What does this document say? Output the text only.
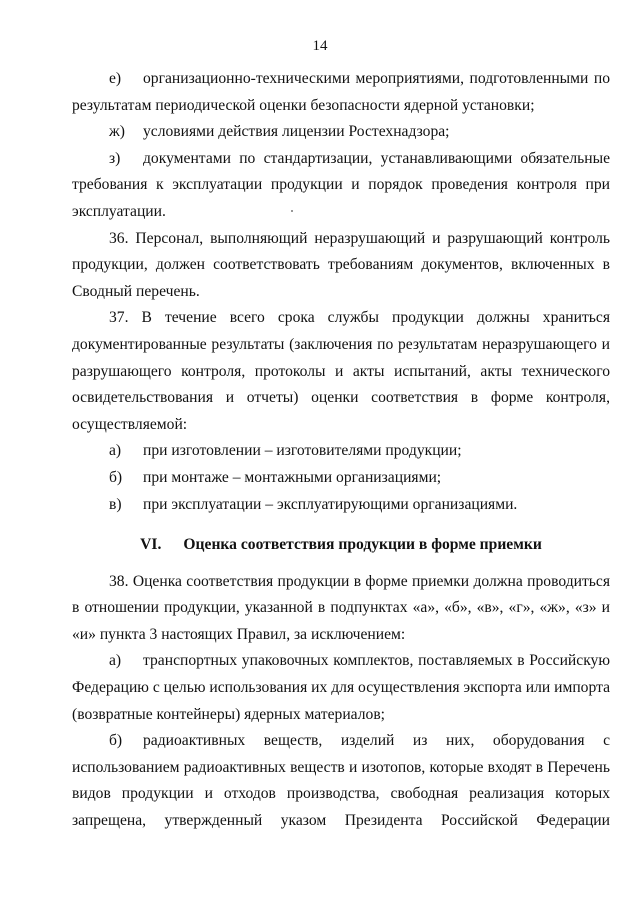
14

е) организационно-техническими мероприятиями, подготовленными по результатам периодической оценки безопасности ядерной установки;

ж) условиями действия лицензии Ростехнадзора;

з) документами по стандартизации, устанавливающими обязательные требования к эксплуатации продукции и порядок проведения контроля при эксплуатации.

36. Персонал, выполняющий неразрушающий и разрушающий контроль продукции, должен соответствовать требованиям документов, включенных в Сводный перечень.

37. В течение всего срока службы продукции должны храниться документированные результаты (заключения по результатам неразрушающего и разрушающего контроля, протоколы и акты испытаний, акты технического освидетельствования и отчеты) оценки соответствия в форме контроля, осуществляемой:

а) при изготовлении – изготовителями продукции;

б) при монтаже – монтажными организациями;

в) при эксплуатации – эксплуатирующими организациями.

VI. Оценка соответствия продукции в форме приемки

38. Оценка соответствия продукции в форме приемки должна проводиться в отношении продукции, указанной в подпунктах «а», «б», «в», «г», «ж», «з» и «и» пункта 3 настоящих Правил, за исключением:

а) транспортных упаковочных комплектов, поставляемых в Российскую Федерацию с целью использования их для осуществления экспорта или импорта (возвратные контейнеры) ядерных материалов;

б) радиоактивных веществ, изделий из них, оборудования с использованием радиоактивных веществ и изотопов, которые входят в Перечень видов продукции и отходов производства, свободная реализация которых запрещена, утвержденный указом Президента Российской Федерации
